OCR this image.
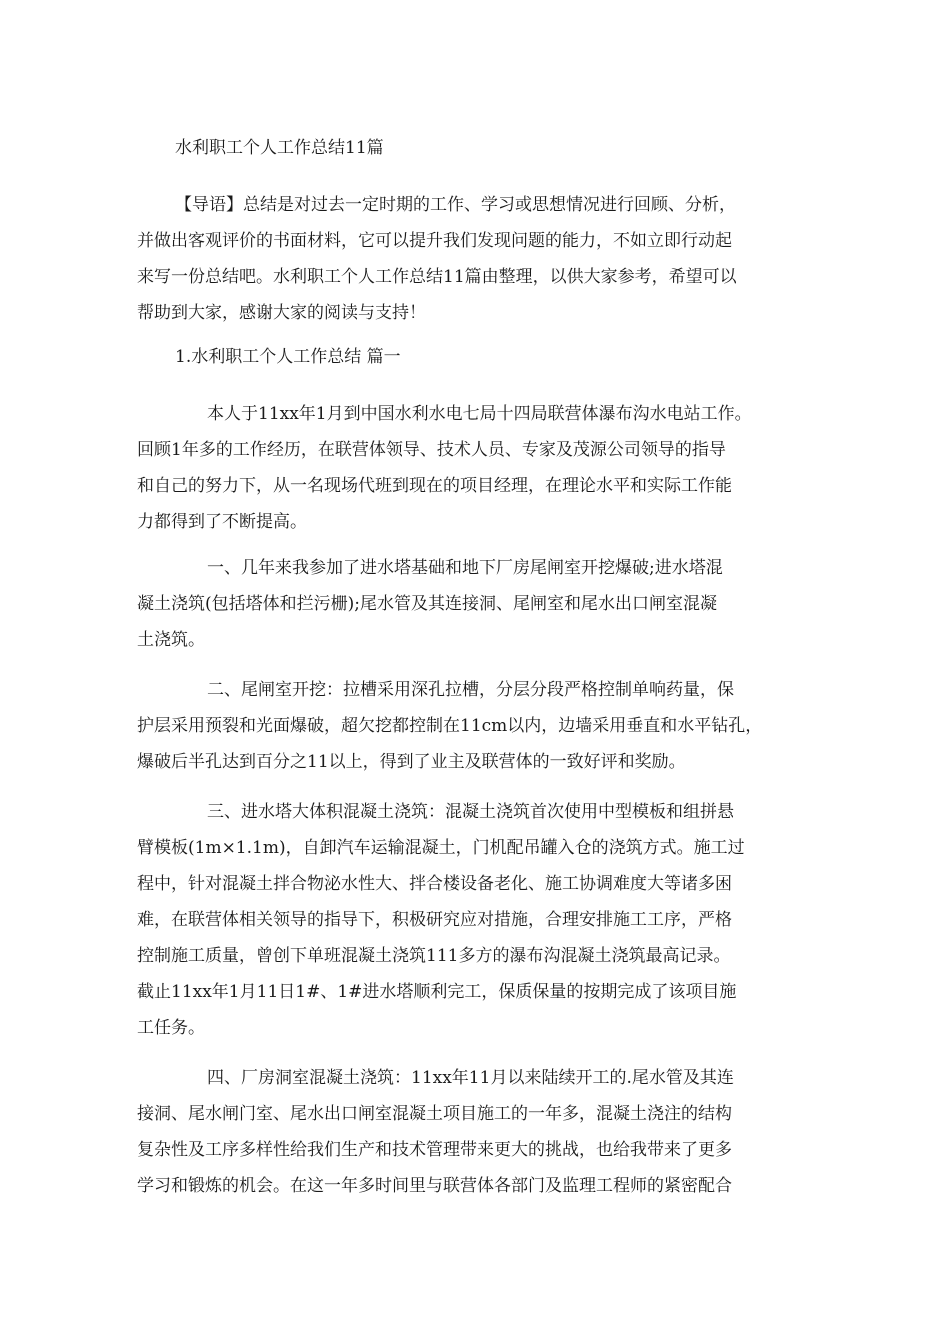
水利职工个人工作总结11篇
【导语】总结是对过去一定时期的工作、学习或思想情况进行回顾、分析，
并做出客观评价的书面材料，它可以提升我们发现问题的能力，不如立即行动起
来写一份总结吧。水利职工个人工作总结11篇由整理，以供大家参考，希望可以
帮助到大家，感谢大家的阅读与支持！
1.水利职工个人工作总结 篇一
本人于11xx年1月到中国水利水电七局十四局联营体瀑布沟水电站工作。
回顾1年多的工作经历，在联营体领导、技术人员、专家及茂源公司领导的指导
和自己的努力下，从一名现场代班到现在的项目经理，在理论水平和实际工作能
力都得到了不断提高。
一、几年来我参加了进水塔基础和地下厂房尾闸室开挖爆破;进水塔混
凝土浇筑(包括塔体和拦污栅);尾水管及其连接洞、尾闸室和尾水出口闸室混凝
土浇筑。
二、尾闸室开挖：拉槽采用深孔拉槽，分层分段严格控制单响药量，保
护层采用预裂和光面爆破，超欠挖都控制在11cm以内，边墙采用垂直和水平钻孔，
爆破后半孔达到百分之11以上，得到了业主及联营体的一致好评和奖励。
三、进水塔大体积混凝土浇筑：混凝土浇筑首次使用中型模板和组拼悬
臂模板(1m×1.1m)，自卸汽车运输混凝土，门机配吊罐入仓的浇筑方式。施工过
程中，针对混凝土拌合物泌水性大、拌合楼设备老化、施工协调难度大等诸多困
难，在联营体相关领导的指导下，积极研究应对措施，合理安排施工工序，严格
控制施工质量，曾创下单班混凝土浇筑111多方的瀑布沟混凝土浇筑最高记录。
截止11xx年1月11日1#、1#进水塔顺利完工，保质保量的按期完成了该项目施
工任务。
四、厂房洞室混凝土浇筑：11xx年11月以来陆续开工的.尾水管及其连
接洞、尾水闸门室、尾水出口闸室混凝土项目施工的一年多，混凝土浇注的结构
复杂性及工序多样性给我们生产和技术管理带来更大的挑战，也给我带来了更多
学习和锻炼的机会。在这一年多时间里与联营体各部门及监理工程师的紧密配合
